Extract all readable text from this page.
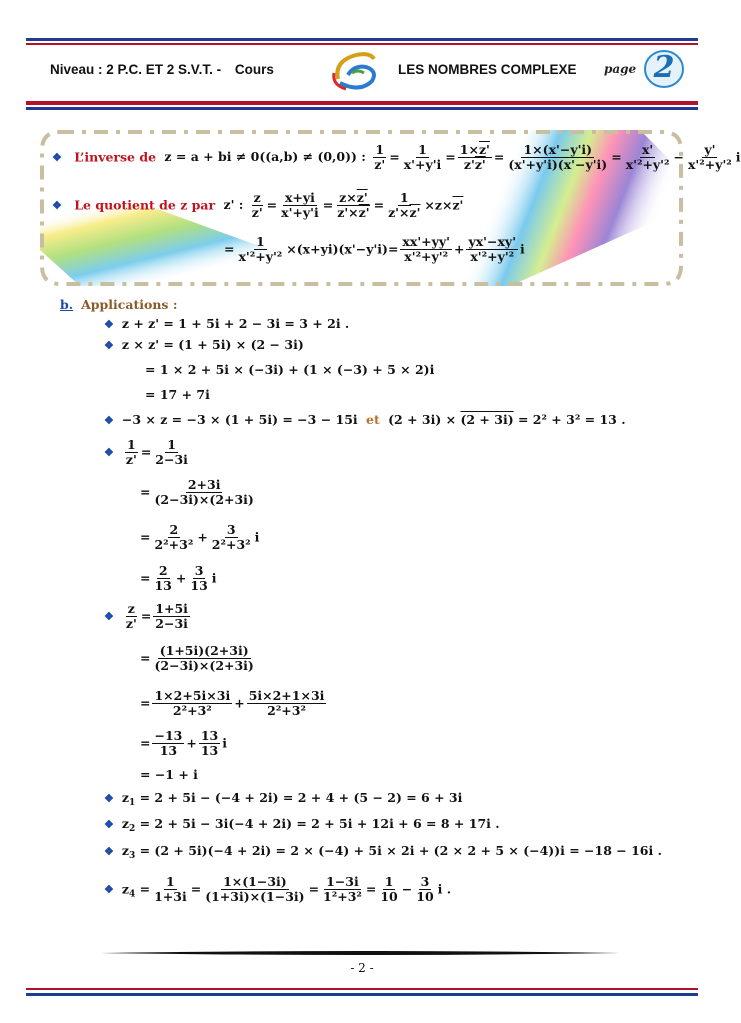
Niveau : 2 P.C. ET 2 S.V.T. - Cours	LES NOMBRES COMPLEXE page 2
❖ L’inverse de z = a + bi ≠ 0((a,b) ≠ (0,0)) : $\frac{1}{z'} = \frac{1}{x'+y'i} = \frac{1\times z'}{z'z'} = \frac{1\times(x'-y'i)}{(x'+y'i)(x'-y'i)} = \frac{x'}{\text{x'²+y'²}} - \frac{y'}{\text{x'²+y'²}}$ i
❖ Le quotient de z par z' : $\frac{z}{z'} = \frac{x+yi}{x'+y'i} = \frac{z\times z'}{z'\times z'} = \frac{1}{z'\times z'} \times z\times z'$
= $\frac{1}{\text{x'²+y'²}} \times(x+yi)(x'-y'i)= \frac{xx'+yy'}{\text{x'²+y'²}} + \frac{yx'-xy'}{\text{x'²+y'²}}$ i
b. Applications :
❖ z + z' = 1 + 5i + 2 − 3i = 3 + 2i .
❖ z × z' = (1 + 5i) × (2 − 3i)
= 1 × 2 + 5i × (−3i) + (1 × (−3) + 5 × 2)i
= 17 + 7i
❖ −3 × z = −3 × (1 + 5i) = −3 − 15i et (2 + 3i) × (2 + 3i) = 2² + 3² = 13 .
❖ $\frac{1}{z'} = \frac{1}{2-3i}$
= $\frac{2+3i}{(2-3i)\times(2+3i)}$
= $\frac{2}{\text{2²+3²}} + \frac{3}{\text{2²+3²}}$ i
= $\frac{2}{13} + \frac{3}{13}$ i
❖ $\frac{z}{z'} = \frac{1+5i}{2-3i}$
= $\frac{(1+5i)(2+3i)}{(2-3i)\times(2+3i)}$
= $\frac{1\times 2+5i\times 3i}{\text{2²+3²}} + \frac{5i\times 2+1\times 3i}{\text{2²+3²}}$
= $\frac{-13}{13} + \frac{13}{13}$ i
= −1 + i
❖ $z_1 = 2 + 5i - (-4 + 2i) = 2 + 4 + (5 - 2) = 6 + 3i$
❖ $z_2 = 2 + 5i - 3i(-4 + 2i) = 2 + 5i + 12i + 6 = 8 + 17i$ .
❖ $z_3 = (2 + 5i)(-4 + 2i) = 2 \times (-4) + 5i \times 2i + (2 \times 2 + 5 \times (-4))i = -18 - 16i$ .
❖ $z_4 = \frac{1}{1+3i} = \frac{1\times(1-3i)}{(1+3i)\times(1-3i)} = \frac{1-3i}{\text{1²+3²}} = \frac{1}{10} - \frac{3}{10}$ i .
- 2 -
